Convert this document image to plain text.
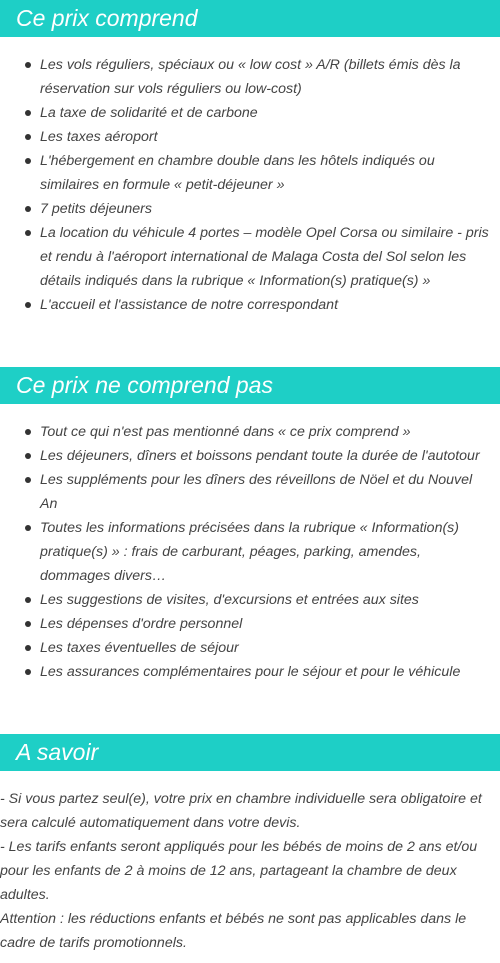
Ce prix comprend
Les vols réguliers, spéciaux ou « low cost » A/R (billets émis dès la réservation sur vols réguliers ou low-cost)
La taxe de solidarité et de carbone
Les taxes aéroport
L'hébergement en chambre double dans les hôtels indiqués ou similaires en formule « petit-déjeuner »
7 petits déjeuners
La location du véhicule 4 portes – modèle Opel Corsa ou similaire - pris et rendu à l'aéroport international de Malaga Costa del Sol selon les détails indiqués dans la rubrique « Information(s) pratique(s) »
L'accueil et l'assistance de notre correspondant
Ce prix ne comprend pas
Tout ce qui n'est pas mentionné dans « ce prix comprend »
Les déjeuners, dîners et boissons pendant toute la durée de l'autotour
Les suppléments pour les dîners des réveillons de Nöel et du Nouvel An
Toutes les informations précisées dans la rubrique « Information(s) pratique(s) » : frais de carburant, péages, parking, amendes, dommages divers…
Les suggestions de visites, d'excursions et entrées aux sites
Les dépenses d'ordre personnel
Les taxes éventuelles de séjour
Les assurances complémentaires pour le séjour et pour le véhicule
A savoir

- Si vous partez seul(e), votre prix en chambre individuelle sera obligatoire et sera calculé automatiquement dans votre devis.

- Les tarifs enfants seront appliqués pour les bébés de moins de 2 ans et/ou pour les enfants de 2 à moins de 12 ans, partageant la chambre de deux adultes.

Attention : les réductions enfants et bébés ne sont pas applicables dans le cadre de tarifs promotionnels.
